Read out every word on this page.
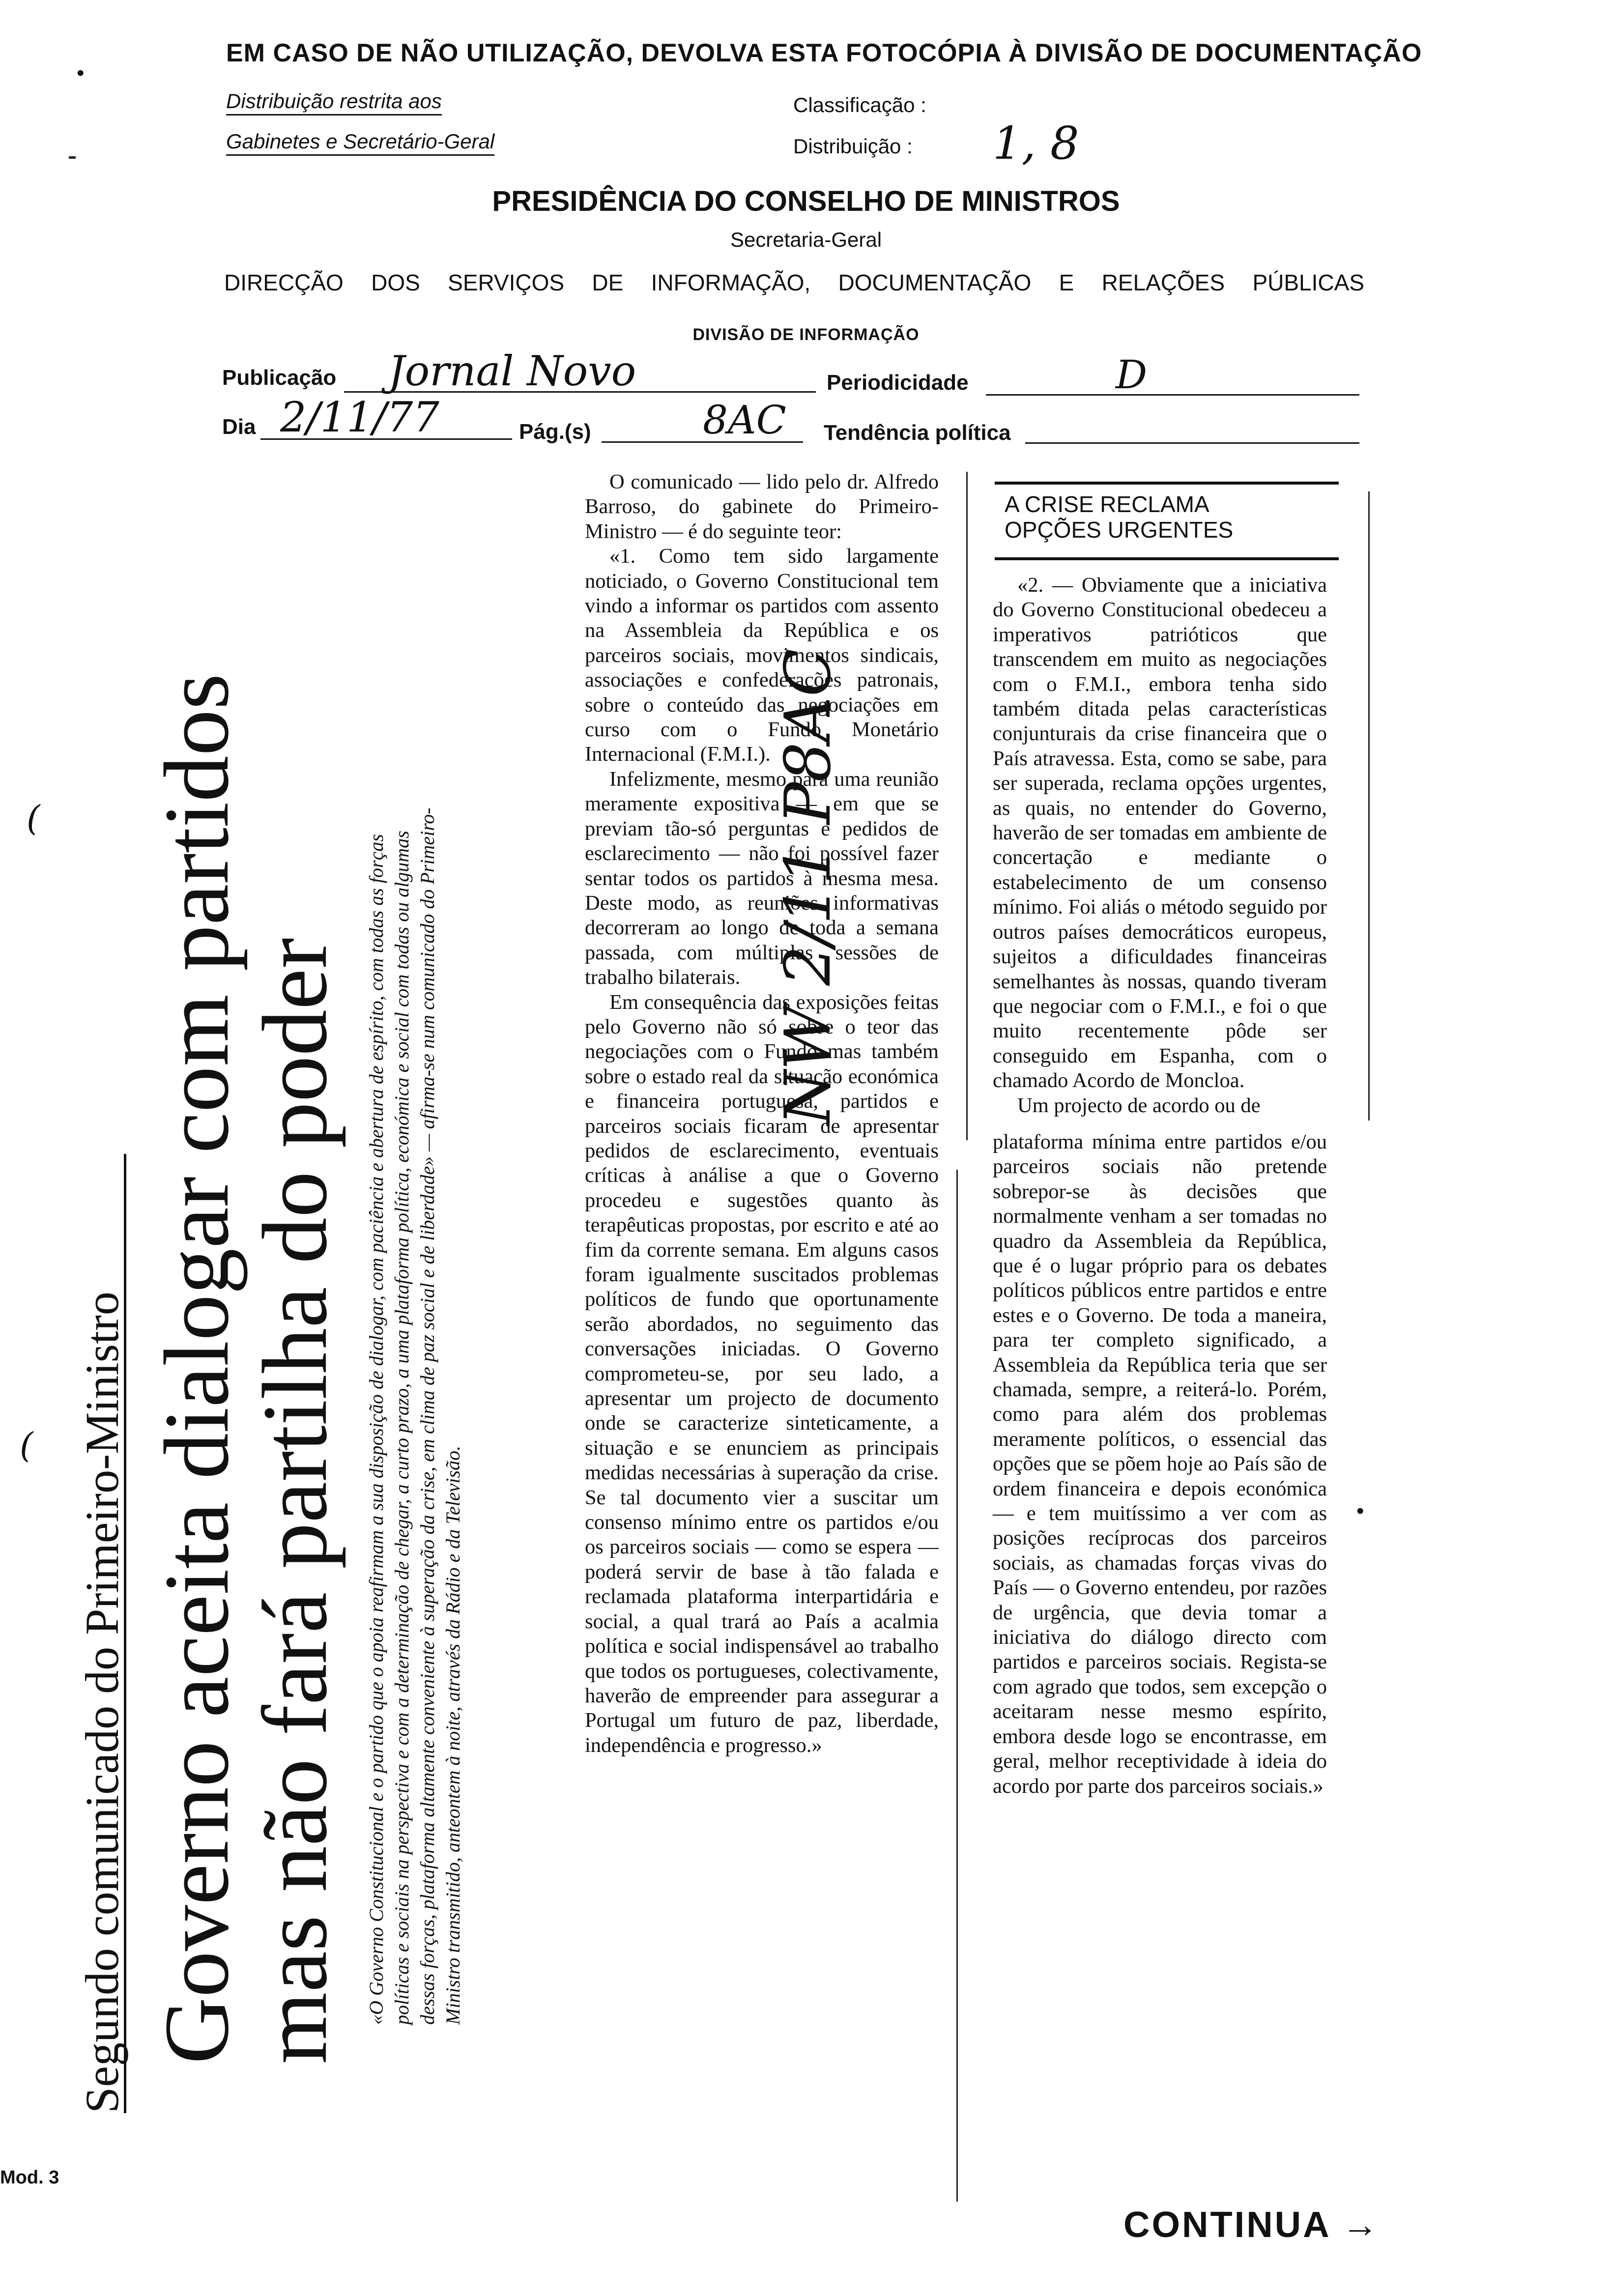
EM CASO DE NÃO UTILIZAÇÃO, DEVOLVA ESTA FOTOCÓPIA À DIVISÃO DE DOCUMENTAÇÃO
Distribuição restrita aos
Gabinetes e Secretário-Geral
Classificação :
Distribuição : 1, 8
PRESIDÊNCIA DO CONSELHO DE MINISTROS
Secretaria-Geral
DIRECÇÃO DOS SERVIÇOS DE INFORMAÇÃO, DOCUMENTAÇÃO E RELAÇÕES PÚBLICAS
DIVISÃO DE INFORMAÇÃO
Publicação Jornal Novo	Periodicidade	D
Dia 2/11/77	Pág.(s)	8AC Tendência política
•
(
(
Mod. 3
NW 2/11 P8AC
Segundo comunicado do Primeiro-Ministro Governo aceita dialogar com partidos
mas não fará partilha do poder «O Governo Constitucional e o partido que o apoia reafirmam a sua disposição de dialogar, com paciência e abertura de espírito, com todas as forças políticas e sociais na perspectiva e com a determinação de chegar, a curto prazo, a uma plataforma política, económica e social com todas ou algumas dessas forças, plataforma altamente conveniente à superação da crise, em clima de paz social e de liberdade» — afirma-se num comunicado do Primeiro-Ministro transmitido, anteontem à noite, através da Rádio e da Televisão.

O comunicado — lido pelo dr. Alfredo Barroso, do gabinete do Primeiro-Ministro — é do seguinte teor:

«1. Como tem sido largamente noticiado, o Governo Constitucional tem vindo a informar os partidos com assento na Assembleia da República e os parceiros sociais, movimentos sindicais, associações e confederações patronais, sobre o conteúdo das negociações em curso com o Fundo Monetário Internacional (F.M.I.).

Infelizmente, mesmo para uma reunião meramente expositiva — em que se previam tão-só perguntas e pedidos de esclarecimento — não foi possível fazer sentar todos os partidos à mesma mesa. Deste modo, as reuniões informativas decorreram ao longo de toda a semana passada, com múltiplas sessões de trabalho bilaterais.

Em consequência das exposições feitas pelo Governo não só sobre o teor das negociações com o Fundo mas também sobre o estado real da situação económica e financeira portuguesa, partidos e parceiros sociais ficaram de apresentar pedidos de esclarecimento, eventuais críticas à análise a que o Governo procedeu e sugestões quanto às terapêuticas propostas, por escrito e até ao fim da corrente semana. Em alguns casos foram igualmente suscitados problemas políticos de fundo que oportunamente serão abordados, no seguimento das conversações iniciadas. O Governo comprometeu-se, por seu lado, a apresentar um projecto de documento onde se caracterize sinteticamente, a situação e se enunciem as principais medidas necessárias à superação da crise. Se tal documento vier a suscitar um consenso mínimo entre os partidos e/ou os parceiros sociais — como se espera — poderá servir de base à tão falada e reclamada plataforma interpartidária e social, a qual trará ao País a acalmia política e social indispensável ao trabalho que todos os portugueses, colectivamente, haverão de empreender para assegurar a Portugal um futuro de paz, liberdade, independência e progresso.»

A CRISE RECLAMA
OPÇÕES URGENTES

«2. — Obviamente que a iniciativa do Governo Constitucional obedeceu a imperativos patrióticos que transcendem em muito as negociações com o F.M.I., embora tenha sido também ditada pelas características conjunturais da crise financeira que o País atravessa. Esta, como se sabe, para ser superada, reclama opções urgentes, as quais, no entender do Governo, haverão de ser tomadas em ambiente de concertação e mediante o estabelecimento de um consenso mínimo. Foi aliás o método seguido por outros países democráticos europeus, sujeitos a dificuldades financeiras semelhantes às nossas, quando tiveram que negociar com o F.M.I., e foi o que muito recentemente pôde ser conseguido em Espanha, com o chamado Acordo de Moncloa.

Um projecto de acordo ou de

plataforma mínima entre partidos e/ou parceiros sociais não pretende sobrepor-se às decisões que normalmente venham a ser tomadas no quadro da Assembleia da República, que é o lugar próprio para os debates políticos públicos entre partidos e entre estes e o Governo. De toda a maneira, para ter completo significado, a Assembleia da República teria que ser chamada, sempre, a reiterá-lo. Porém, como para além dos problemas meramente políticos, o essencial das opções que se põem hoje ao País são de ordem financeira e depois económica — e tem muitíssimo a ver com as posições recíprocas dos parceiros sociais, as chamadas forças vivas do País — o Governo entendeu, por razões de urgência, que devia tomar a iniciativa do diálogo directo com partidos e parceiros sociais. Regista-se com agrado que todos, sem excepção o aceitaram nesse mesmo espírito, embora desde logo se encontrasse, em geral, melhor receptividade à ideia do acordo por parte dos parceiros sociais.»

•
CONTINUA →
